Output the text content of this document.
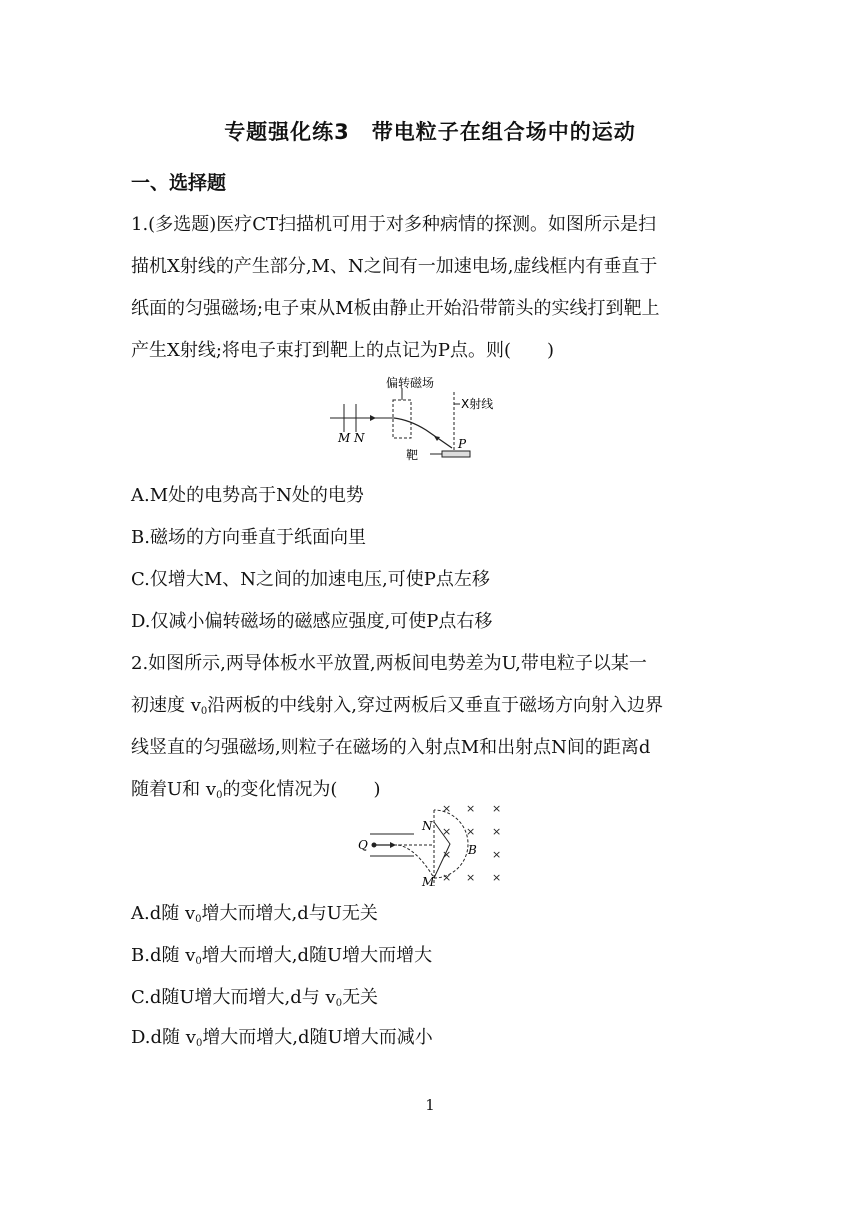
专题强化练3　带电粒子在组合场中的运动
一、选择题
1.(多选题)医疗CT扫描机可用于对多种病情的探测。如图所示是扫
描机X射线的产生部分,M、N之间有一加速电场,虚线框内有垂直于
纸面的匀强磁场;电子束从M板由静止开始沿带箭头的实线打到靶上
产生X射线;将电子束打到靶上的点记为P点。则(　　)
偏转磁场
X射线
靶
M N	P
A.M处的电势高于N处的电势
B.磁场的方向垂直于纸面向里
C.仅增大M、N之间的加速电压,可使P点左移
D.仅减小偏转磁场的磁感应强度,可使P点右移
2.如图所示,两导体板水平放置,两板间电势差为U,带电粒子以某一
初速度 $v_0$沿两板的中线射入,穿过两板后又垂直于磁场方向射入边界
线竖直的匀强磁场,则粒子在磁场的入射点M和出射点N间的距离d
随着U和 $v_0$的变化情况为(　　)
Q
N
M
B
× × ×
× × ×
×	×
× × ×
A.d随 $v_0$增大而增大,d与U无关
B.d随 $v_0$增大而增大,d随U增大而增大
C.d随U增大而增大,d与 $v_0$无关
D.d随 $v_0$增大而增大,d随U增大而减小
1
